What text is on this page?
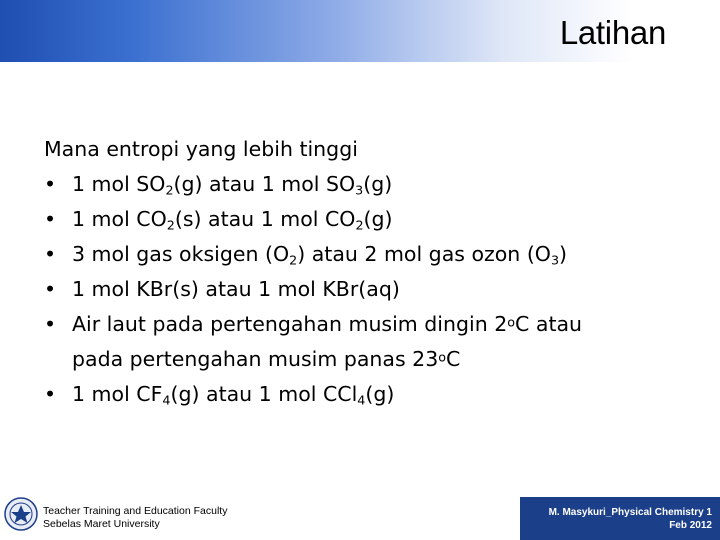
Latihan
Mana entropi yang lebih tinggi
• 1 mol $SO_2(g)$ atau 1 mol $SO_3(g)$
• 1 mol $CO_2(s)$ atau 1 mol $CO_2(g)$
• 3 mol gas oksigen $(O_2)$ atau 2 mol gas ozon $(O_3)$
• 1 mol KBr(s) atau 1 mol KBr(aq)
• Air laut pada pertengahan musim dingin 2$^o$C atau
pada pertengahan musim panas 23$^o$C
• 1 mol $CF_4(g)$ atau 1 mol CCl$_4$(g)
Teacher Training and Education Faculty
Sebelas Maret University
M. Masykuri_Physical Chemistry 1
Feb 2012
